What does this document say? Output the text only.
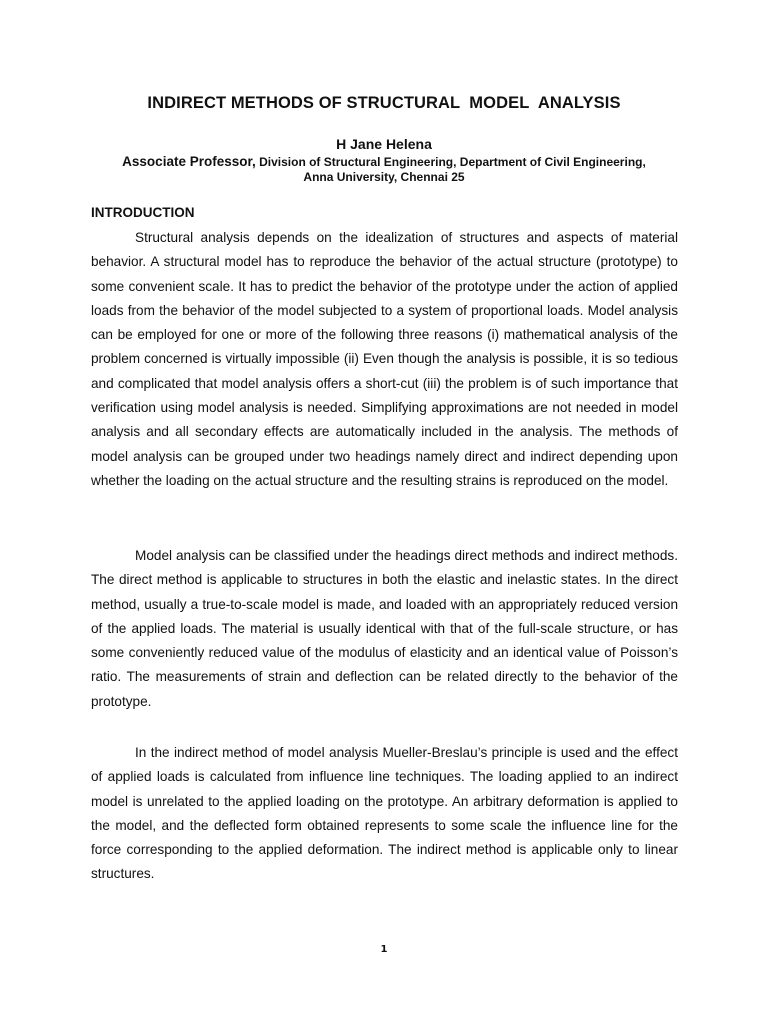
INDIRECT METHODS OF STRUCTURAL  MODEL  ANALYSIS
H Jane Helena
Associate Professor, Division of Structural Engineering, Department of Civil Engineering,
Anna University, Chennai 25
INTRODUCTION

Structural analysis depends on the idealization of structures and aspects of material behavior. A structural model has to reproduce the behavior of the actual structure (prototype) to some convenient scale. It has to predict the behavior of the prototype under the action of applied loads from the behavior of the model subjected to a system of proportional loads. Model analysis can be employed for one or more of the following three reasons (i) mathematical analysis of the problem concerned is virtually impossible (ii) Even though the analysis is possible, it is so tedious and complicated that model analysis offers a short-cut (iii) the problem is of such importance that verification using model analysis is needed. Simplifying approximations are not needed in model analysis and all secondary effects are automatically included in the analysis. The methods of model analysis can be grouped under two headings namely direct and indirect depending upon whether the loading on the actual structure and the resulting strains is reproduced on the model.

Model analysis can be classified under the headings direct methods and indirect methods. The direct method is applicable to structures in both the elastic and inelastic states. In the direct method, usually a true-to-scale model is made, and loaded with an appropriately reduced version of the applied loads. The material is usually identical with that of the full-scale structure, or has some conveniently reduced value of the modulus of elasticity and an identical value of Poisson’s ratio. The measurements of strain and deflection can be related directly to the behavior of the prototype.

In the indirect method of model analysis Mueller-Breslau’s principle is used and the effect of applied loads is calculated from influence line techniques. The loading applied to an indirect model is unrelated to the applied loading on the prototype. An arbitrary deformation is applied to the model, and the deflected form obtained represents to some scale the influence line for the force corresponding to the applied deformation. The indirect method is applicable only to linear structures.

1
